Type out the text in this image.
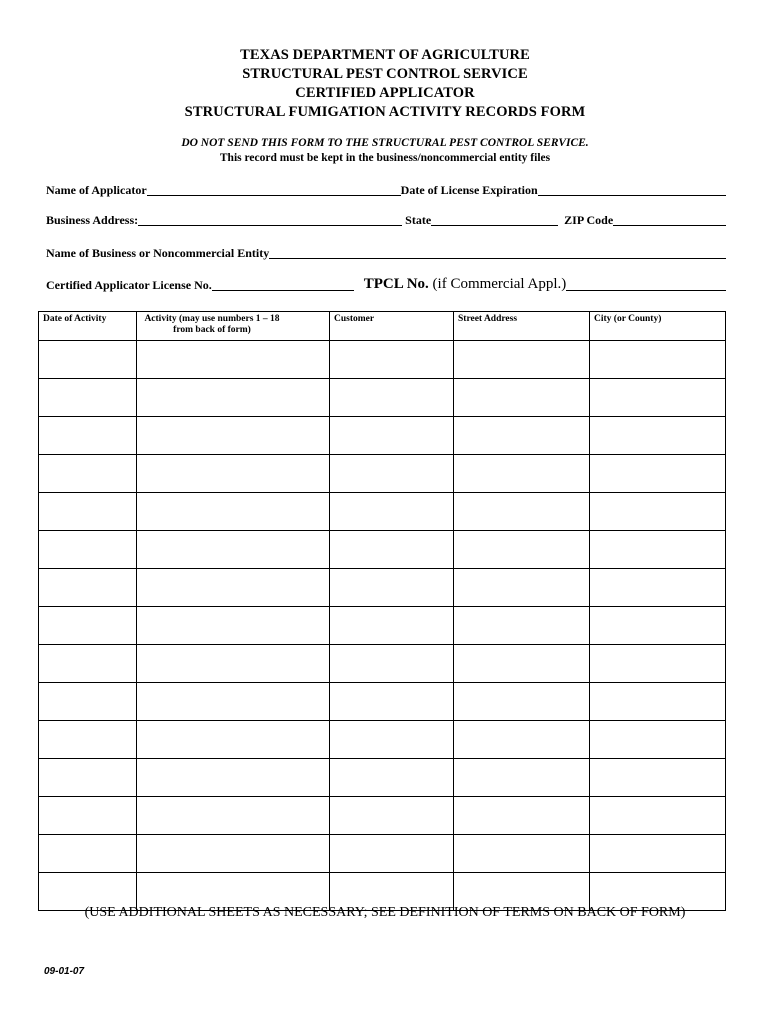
TEXAS DEPARTMENT OF AGRICULTURE
STRUCTURAL PEST CONTROL SERVICE
CERTIFIED APPLICATOR
STRUCTURAL FUMIGATION ACTIVITY RECORDS FORM
DO NOT SEND THIS FORM TO THE STRUCTURAL PEST CONTROL SERVICE.
This record must be kept in the business/noncommercial entity files
Name of Applicator	Date of License Expiration
Business Address:	State	ZIP Code
Name of Business or Noncommercial Entity
Certified Applicator License No.	TPCL No. (if Commercial Appl.)
Date of Activity	Activity (may use numbers 1 – 18 from back of form)	Customer	Street Address	City (or County)

(USE ADDITIONAL SHEETS AS NECESSARY; SEE DEFINITION OF TERMS ON BACK OF FORM)
09-01-07
